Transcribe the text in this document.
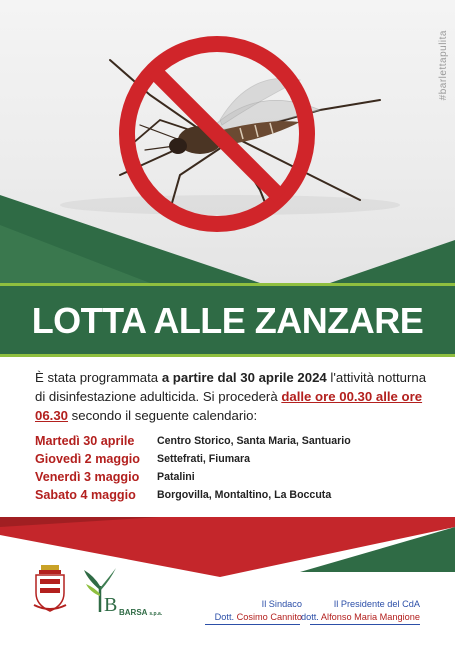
#barlettapulita
LOTTA ALLE ZANZARE
È stata programmata a partire dal 30 aprile 2024 l'attività notturna di disinfestazione adulticida. Si procederà dalle ore 00.30 alle ore 06.30 secondo il seguente calendario:
Martedì 30 aprile Centro Storico, Santa Maria, Santuario
Giovedì 2 maggio Settefrati, Fiumara
Venerdì 3 maggio Patalini
Sabato 4 maggio Borgovilla, Montaltino, La Boccuta
B BARSA s.p.a.
Il Sindaco
Dott. Cosimo Cannito
Il Presidente del CdA
dott. Alfonso Maria Mangione
